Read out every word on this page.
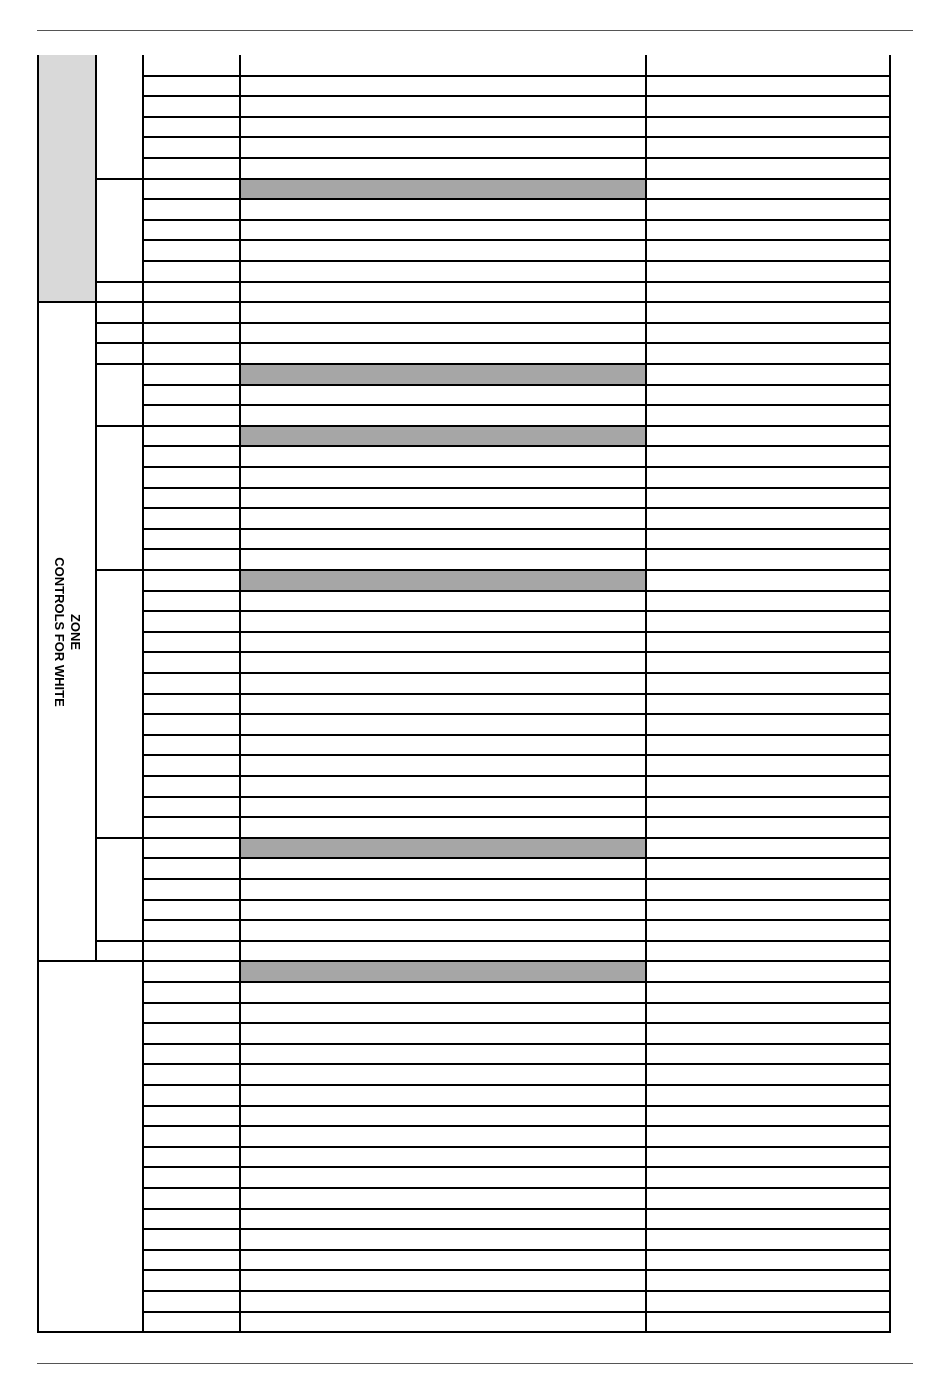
ZONE
CONTROLS FOR WHITE
